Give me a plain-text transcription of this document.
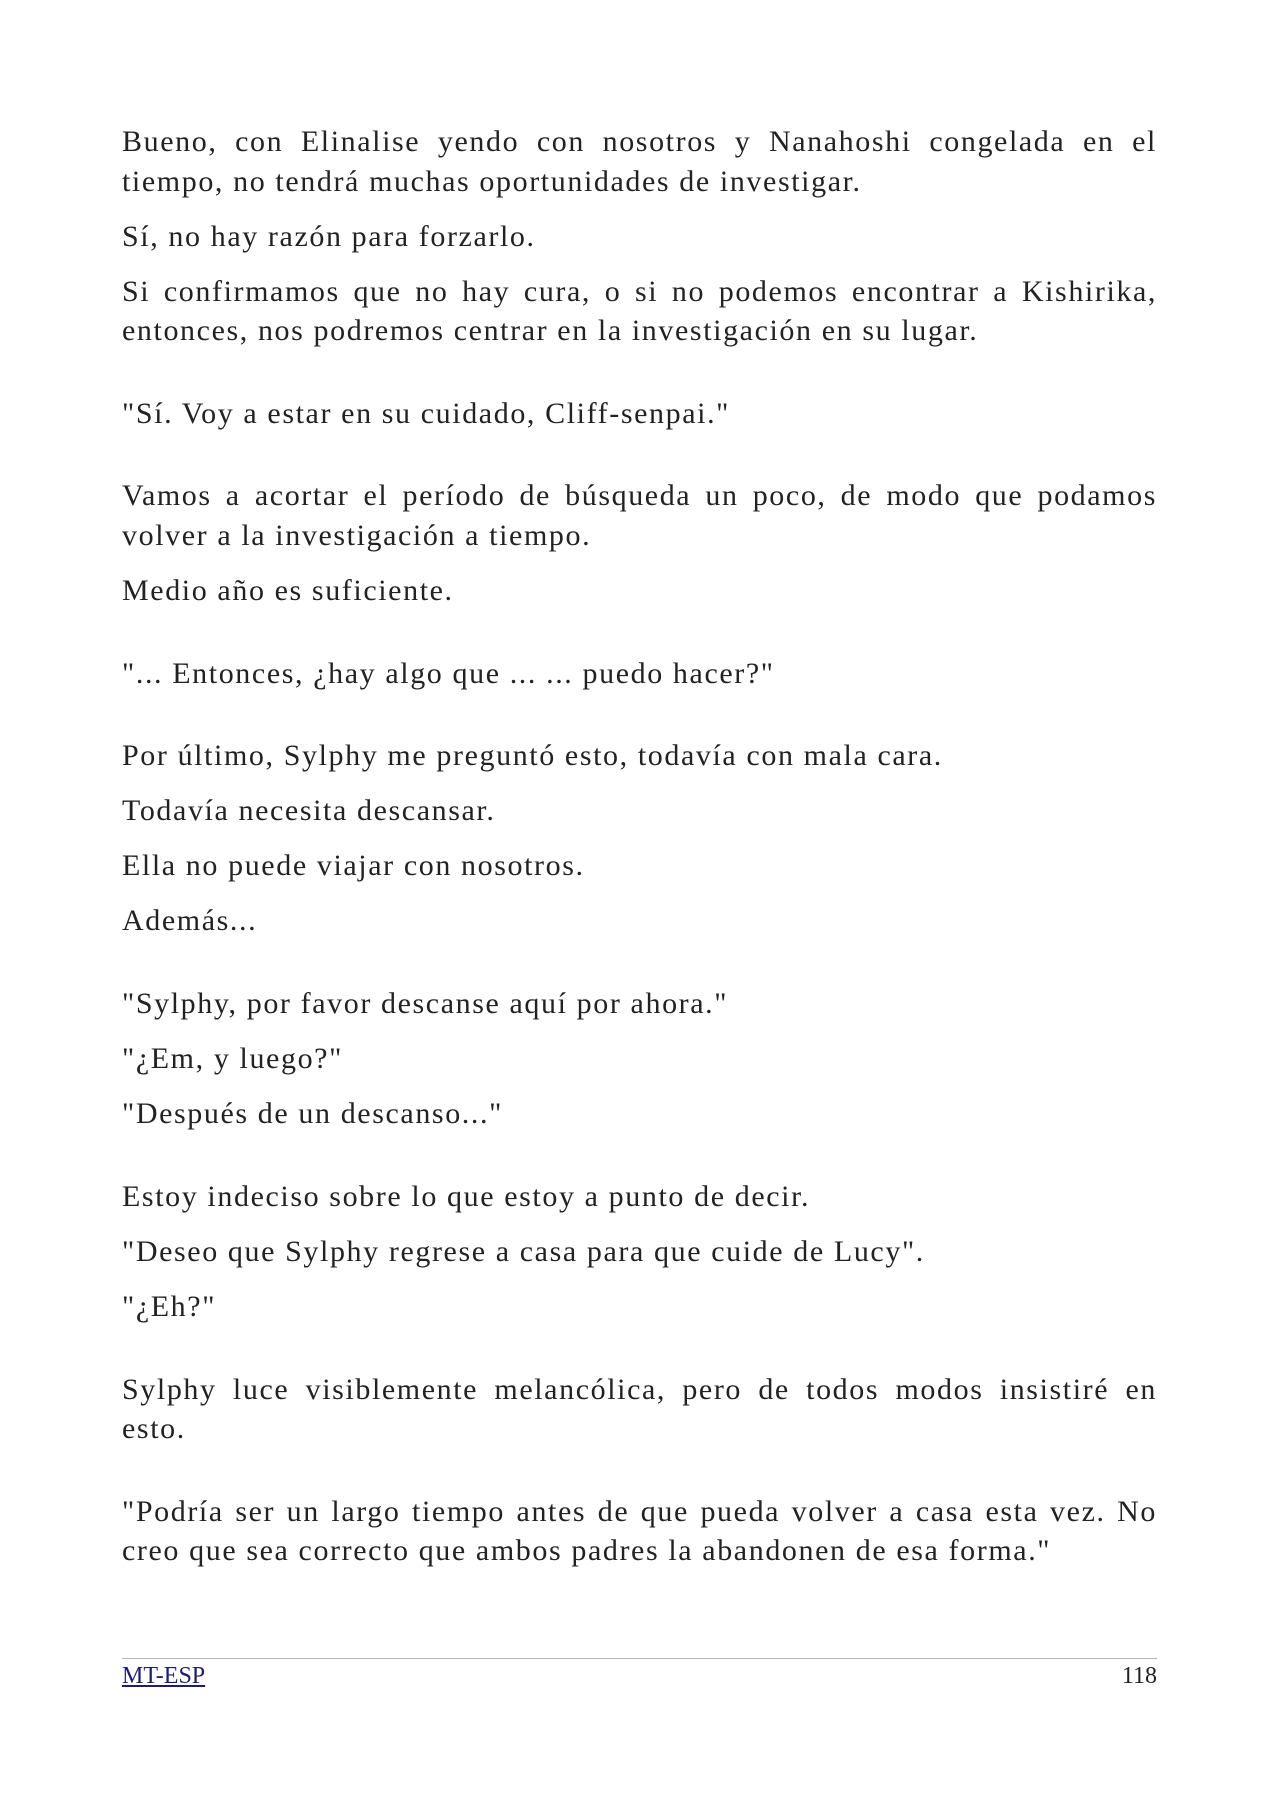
Bueno, con Elinalise yendo con nosotros y Nanahoshi congelada en el
tiempo, no tendrá muchas oportunidades de investigar.
Sí, no hay razón para forzarlo.
Si confirmamos que no hay cura, o si no podemos encontrar a Kishirika,
entonces, nos podremos centrar en la investigación en su lugar.
"Sí. Voy a estar en su cuidado, Cliff-senpai."
Vamos a acortar el período de búsqueda un poco, de modo que podamos
volver a la investigación a tiempo.
Medio año es suficiente.
"... Entonces, ¿hay algo que ... ... puedo hacer?"
Por último, Sylphy me preguntó esto, todavía con mala cara.
Todavía necesita descansar.
Ella no puede viajar con nosotros.
Además...
"Sylphy, por favor descanse aquí por ahora."
"¿Em, y luego?"
"Después de un descanso..."
Estoy indeciso sobre lo que estoy a punto de decir.
"Deseo que Sylphy regrese a casa para que cuide de Lucy".
"¿Eh?"
Sylphy luce visiblemente melancólica, pero de todos modos insistiré en
esto.
"Podría ser un largo tiempo antes de que pueda volver a casa esta vez. No
creo que sea correcto que ambos padres la abandonen de esa forma."
MT-ESP	118
